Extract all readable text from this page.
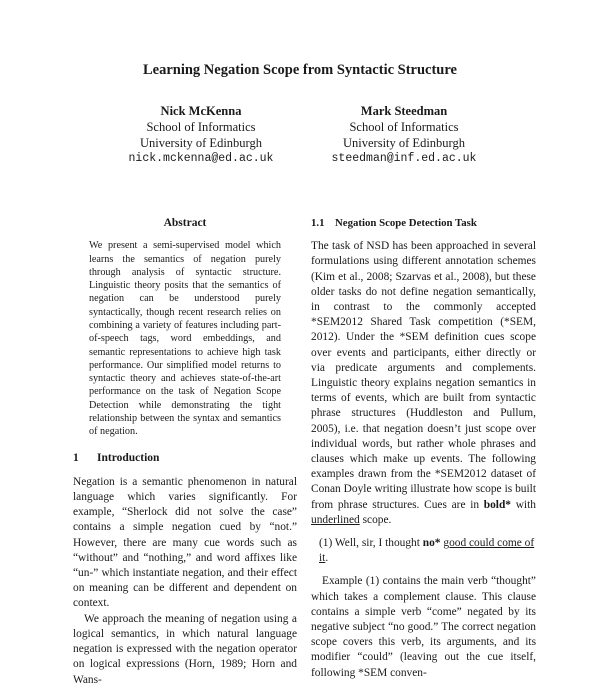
Learning Negation Scope from Syntactic Structure
Nick McKenna
School of Informatics
University of Edinburgh
nick.mckenna@ed.ac.uk
Mark Steedman
School of Informatics
University of Edinburgh
steedman@inf.ed.ac.uk
Abstract

We present a semi-supervised model which learns the semantics of negation purely through analysis of syntactic structure. Linguistic theory posits that the semantics of negation can be understood purely syntactically, though recent research relies on combining a variety of features including part-of-speech tags, word embeddings, and semantic representations to achieve high task performance. Our simplified model returns to syntactic theory and achieves state-of-the-art performance on the task of Negation Scope Detection while demonstrating the tight relationship between the syntax and semantics of negation.

1 Introduction

Negation is a semantic phenomenon in natural language which varies significantly. For example, “Sherlock did not solve the case” contains a simple negation cued by “not.” However, there are many cue words such as “without” and “nothing,” and word affixes like “un-” which instantiate negation, and their effect on meaning can be different and dependent on context.

We approach the meaning of negation using a logical semantics, in which natural language negation is expressed with the negation operator on logical expressions (Horn, 1989; Horn and Wans-

1.1 Negation Scope Detection Task

The task of NSD has been approached in several formulations using different annotation schemes (Kim et al., 2008; Szarvas et al., 2008), but these older tasks do not define negation semantically, in contrast to the commonly accepted *SEM2012 Shared Task competition (*SEM, 2012). Under the *SEM definition cues scope over events and participants, either directly or via predicate arguments and complements. Linguistic theory explains negation semantics in terms of events, which are built from syntactic phrase structures (Huddleston and Pullum, 2005), i.e. that negation doesn’t just scope over individual words, but rather whole phrases and clauses which make up events. The following examples drawn from the *SEM2012 dataset of Conan Doyle writing illustrate how scope is built from phrase structures. Cues are in bold* with underlined scope.

(1) Well, sir, I thought no* good could come of it.

Example (1) contains the main verb “thought” which takes a complement clause. This clause contains a simple verb “come” negated by its negative subject “no good.” The correct negation scope covers this verb, its arguments, and its modifier “could” (leaving out the cue itself, following *SEM conven-
